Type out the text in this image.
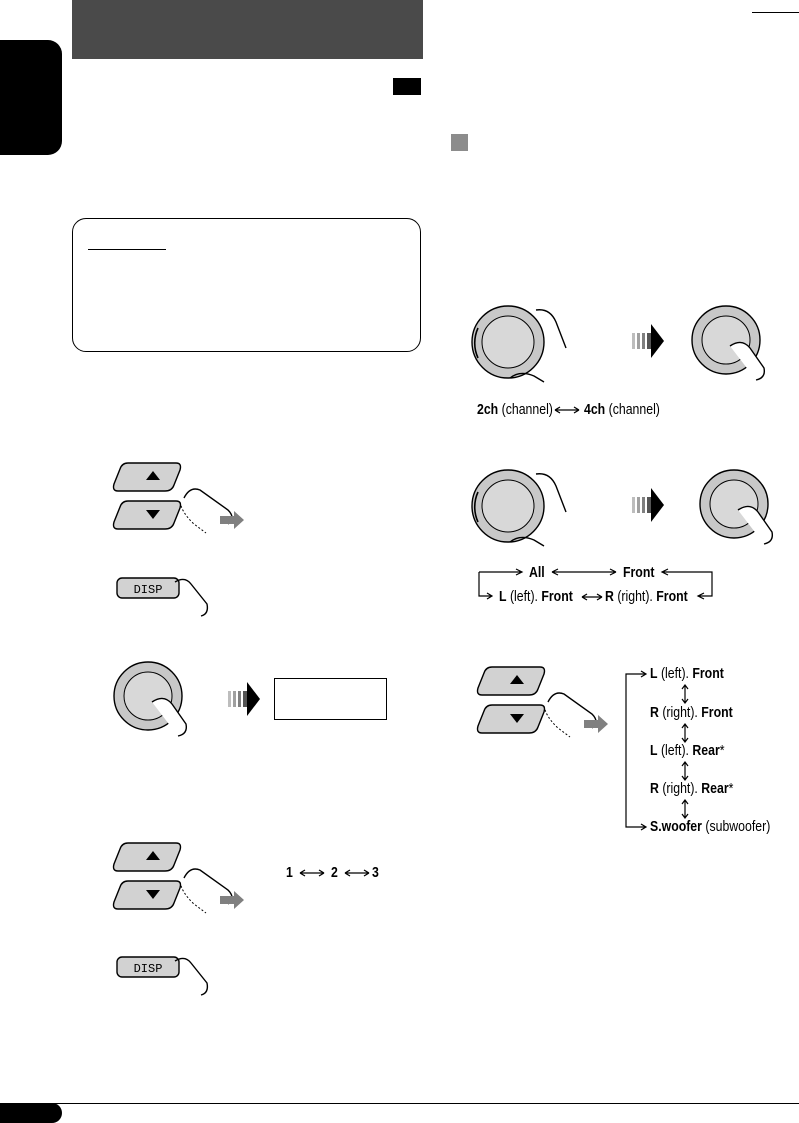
DISP
1	2 3
DISP
2ch (channel) 4ch (channel)
All	Front
L (left). Front R (right). Front
L (left). Front
R (right). Front
L (left). Rear*
R (right). Rear*
S.woofer (subwoofer)
